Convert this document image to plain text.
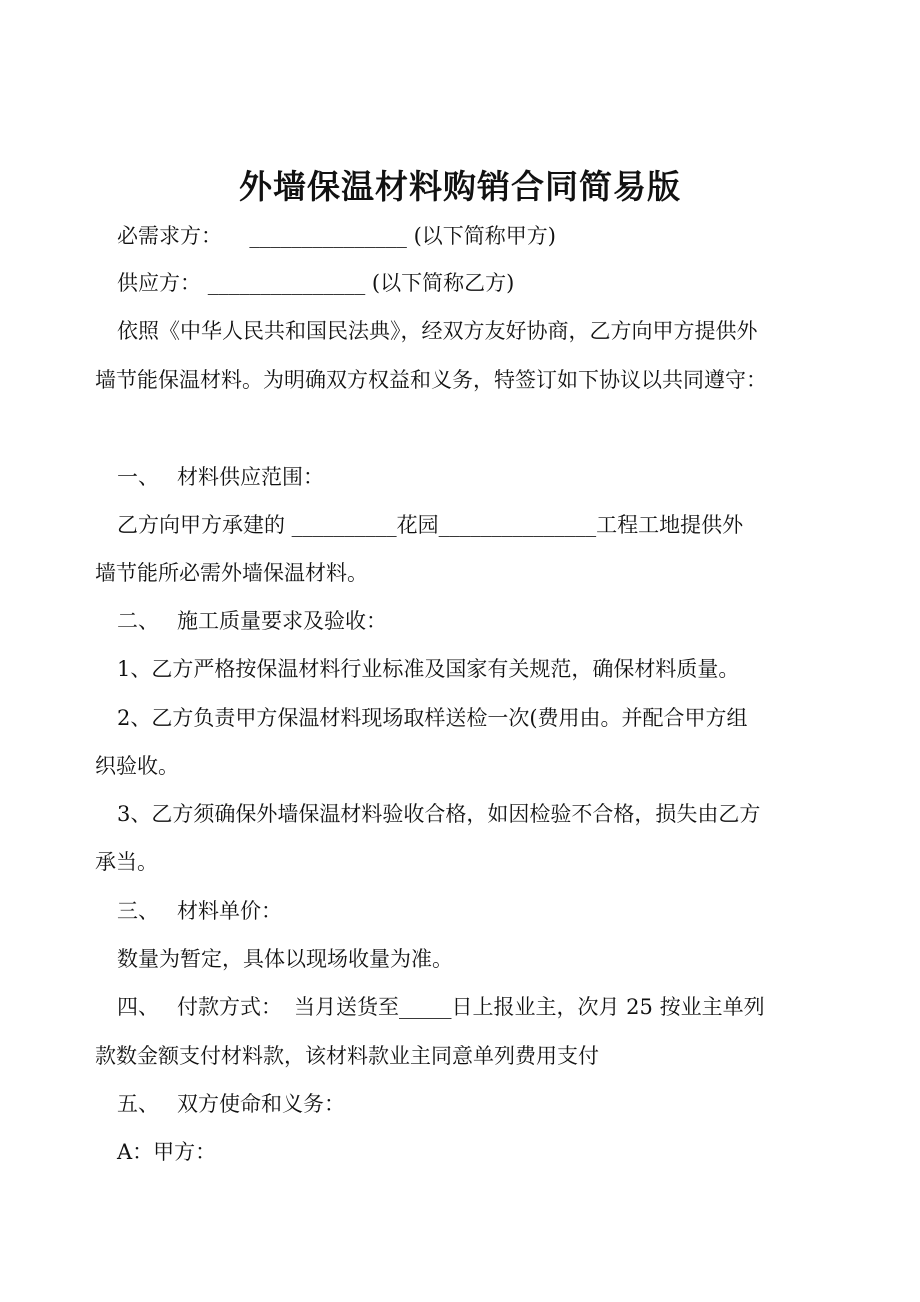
外墙保温材料购销合同简易版
必需求方： _______________ (以下简称甲方)
供应方： _______________ (以下简称乙方)
依照《中华人民共和国民法典》，经双方友好协商，乙方向甲方提供外
墙节能保温材料。为明确双方权益和义务，特签订如下协议以共同遵守：
一、 材料供应范围：
乙方向甲方承建的 __________花园_______________工程工地提供外
墙节能所必需外墙保温材料。
二、 施工质量要求及验收：
1、乙方严格按保温材料行业标准及国家有关规范，确保材料质量。
2、乙方负责甲方保温材料现场取样送检一次(费用由。并配合甲方组
织验收。
3、乙方须确保外墙保温材料验收合格，如因检验不合格，损失由乙方
承当。
三、 材料单价：
数量为暂定，具体以现场收量为准。
四、 付款方式： 当月送货至_____日上报业主，次月 25 按业主单列
款数金额支付材料款，该材料款业主同意单列费用支付
五、 双方使命和义务：
A：甲方：
